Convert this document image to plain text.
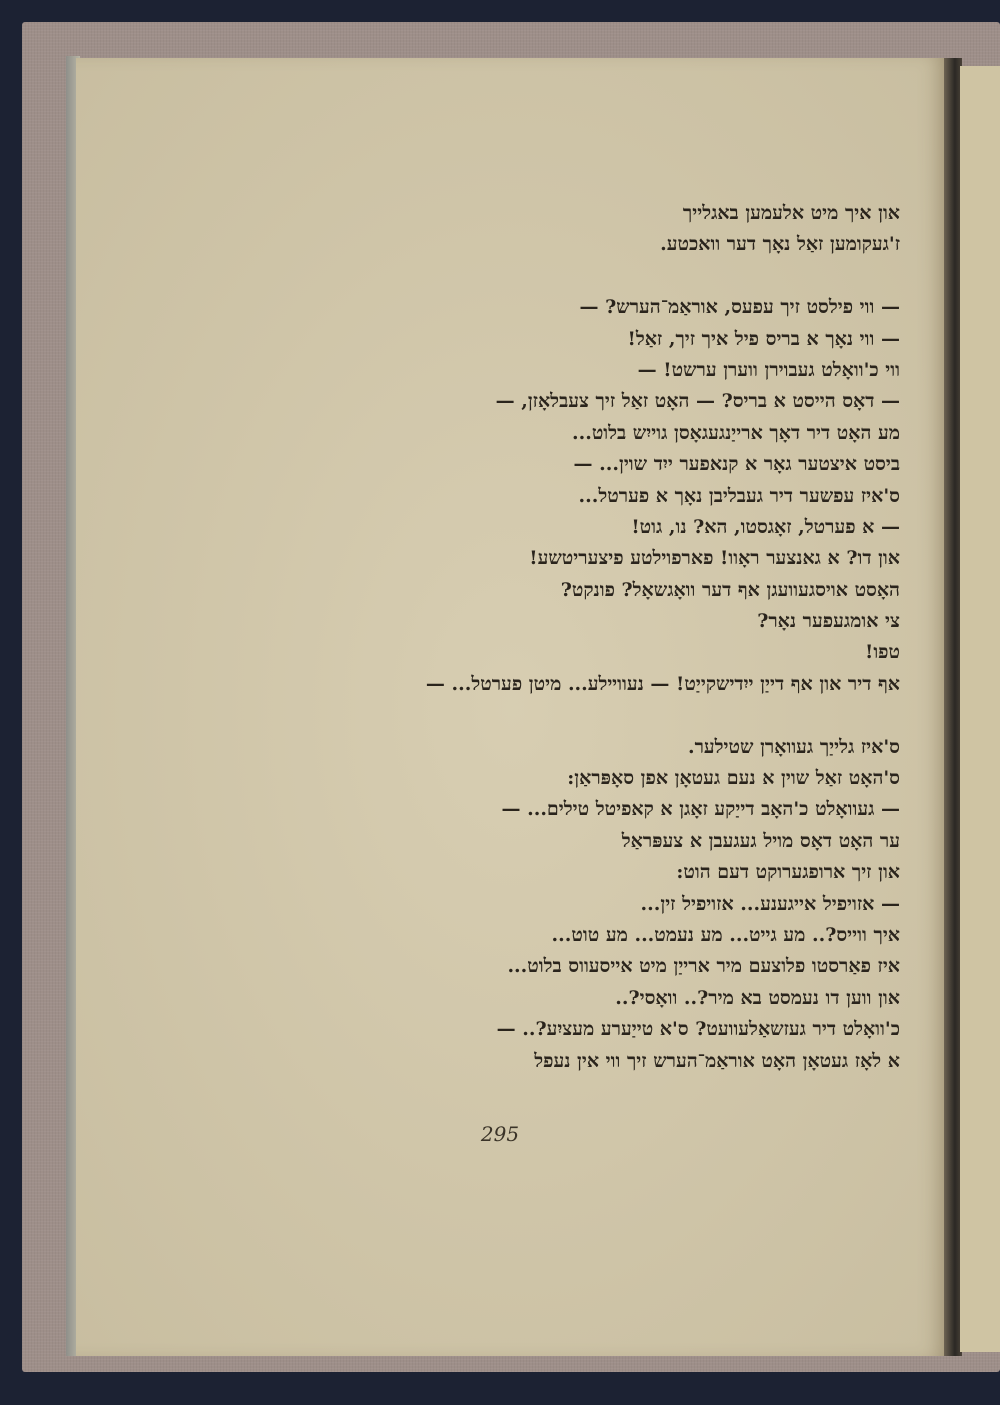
און איך מיט אלעמען באגלייך
ז'געקומען זאַל נאָך דער וואכטע.
— ווי פילסט זיך עפעס, אוראַמ־הערש? —
— ווי נאָך א בריס פיל איך זיך, זאַל!
ווי כ'וואָלט געבוירן ווערן ערשט! —
— דאָס הייסט א בריס? — האָט זאַל זיך צעבלאָזן, —
מע האָט דיר דאָך ארייַנגעגאָסן גוייִש בלוט...
ביסט איצטער גאָר א קנאפער ייִד שוין... —
ס'איז עפשער דיר געבליבן נאָך א פערטל...
— א פערטל, זאָגסטו, הא? נו, גוט!
און דו? א גאנצער ראָוו! פארפוילטע פיצעריטשע!
האָסט אויסגעוועגן אף דער וואָגשאָל? פונקט?
צי אומגעפער נאָר?
טפו!
אף דיר און אף דייַן ייִדישקייַט! — נעווײלע... מיטן פערטל... —
ס'איז גלייַך געוואָרן שטילער.
ס'האָט זאַל שוין א נעם געטאָן אפן סאָפּראַן:
— געוואָלט כ'האָב דייַקע זאָגן א קאפיטל טילים... —
ער האָט דאָס מויל געגעבן א צעפּראַל
און זיך ארופגערוקט דעם הוט:
— אזויפיל אייגענע... אזויפיל זין...
איך ווייס?.. מע גייט... מע נעמט... מע טוט...
איז פאַרסטו פלוצעם מיר ארייַן מיט אייסעווס בלוט...
און ווען דו נעמסט בא מיר?.. וואָסי?..
כ'וואָלט דיר געזשאַלעוועט? ס'א טייַערע מעציִע?.. —
א לאָז געטאָן האָט אוראַמ־הערש זיך ווי אין נעפל
295
